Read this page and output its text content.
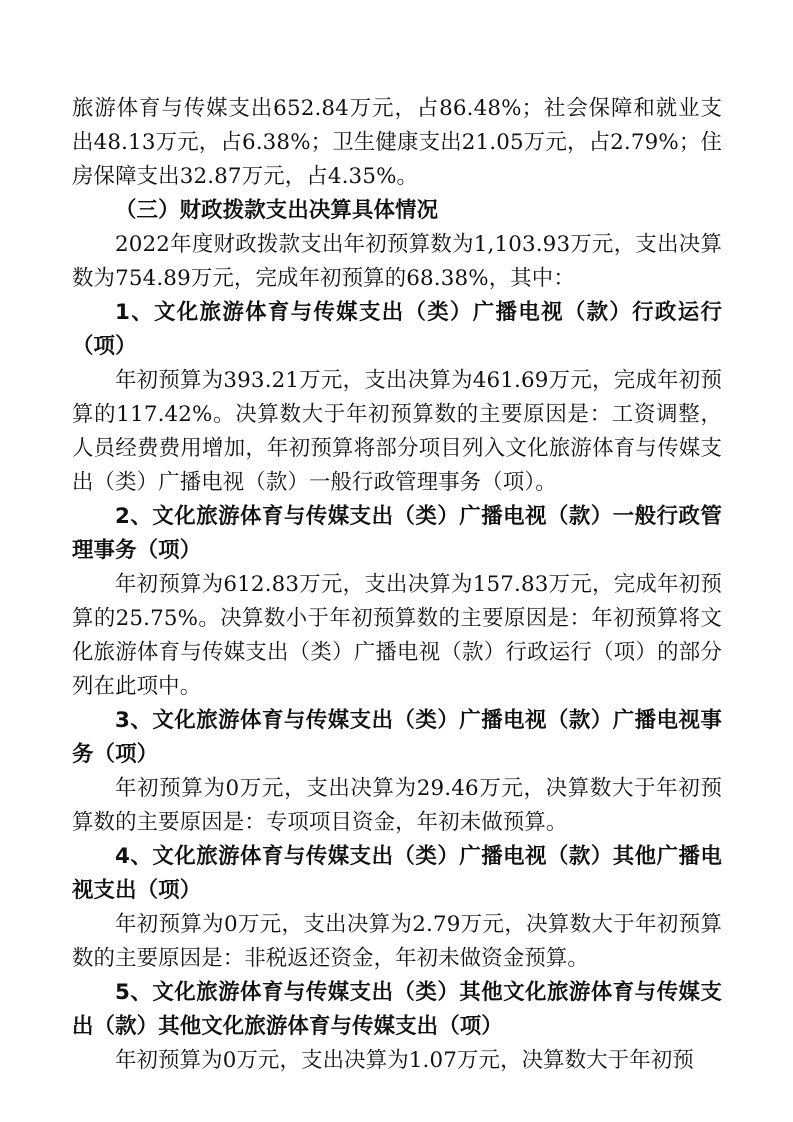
旅游体育与传媒支出652.84万元，占86.48%；社会保障和就业支出48.13万元，占6.38%；卫生健康支出21.05万元，占2.79%；住房保障支出32.87万元，占4.35%。

（三）财政拨款支出决算具体情况

2022年度财政拨款支出年初预算数为1,103.93万元，支出决算数为754.89万元，完成年初预算的68.38%，其中：

1、文化旅游体育与传媒支出（类）广播电视（款）行政运行（项）

年初预算为393.21万元，支出决算为461.69万元，完成年初预算的117.42%。决算数大于年初预算数的主要原因是：工资调整，人员经费费用增加，年初预算将部分项目列入文化旅游体育与传媒支出（类）广播电视（款）一般行政管理事务（项）。

2、文化旅游体育与传媒支出（类）广播电视（款）一般行政管理事务（项）

年初预算为612.83万元，支出决算为157.83万元，完成年初预算的25.75%。决算数小于年初预算数的主要原因是：年初预算将文化旅游体育与传媒支出（类）广播电视（款）行政运行（项）的部分列在此项中。

3、文化旅游体育与传媒支出（类）广播电视（款）广播电视事务（项）

年初预算为0万元，支出决算为29.46万元，决算数大于年初预算数的主要原因是：专项项目资金，年初未做预算。

4、文化旅游体育与传媒支出（类）广播电视（款）其他广播电视支出（项）

年初预算为0万元，支出决算为2.79万元，决算数大于年初预算数的主要原因是：非税返还资金，年初未做资金预算。

5、文化旅游体育与传媒支出（类）其他文化旅游体育与传媒支出（款）其他文化旅游体育与传媒支出（项）

年初预算为0万元，支出决算为1.07万元，决算数大于年初预
